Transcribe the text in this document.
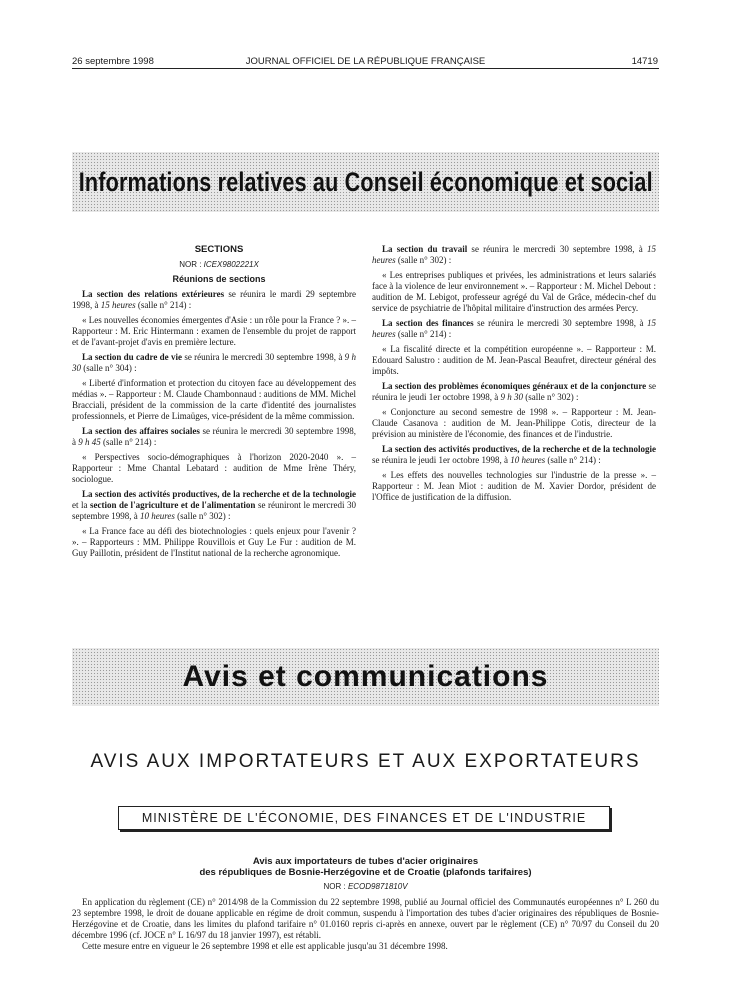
26 septembre 1998	JOURNAL OFFICIEL DE LA RÉPUBLIQUE FRANÇAISE	14719
Informations relatives au Conseil économique et social

SECTIONS

NOR : ICEX9802221X

Réunions de sections

La section des relations extérieures se réunira le mardi 29 septembre 1998, à 15 heures (salle n° 214) :

« Les nouvelles économies émergentes d'Asie : un rôle pour la France ? ». – Rapporteur : M. Eric Hintermann : examen de l'ensemble du projet de rapport et de l'avant-projet d'avis en première lecture.

La section du cadre de vie se réunira le mercredi 30 septembre 1998, à 9 h 30 (salle n° 304) :

« Liberté d'information et protection du citoyen face au développement des médias ». – Rapporteur : M. Claude Chambonnaud : auditions de MM. Michel Bracciali, président de la commission de la carte d'identité des journalistes professionnels, et Pierre de Limaüges, vice-président de la même commission.

La section des affaires sociales se réunira le mercredi 30 septembre 1998, à 9 h 45 (salle n° 214) :

« Perspectives socio-démographiques à l'horizon 2020-2040 ». – Rapporteur : Mme Chantal Lebatard : audition de Mme Irène Théry, sociologue.

La section des activités productives, de la recherche et de la technologie et la section de l'agriculture et de l'alimentation se réuniront le mercredi 30 septembre 1998, à 10 heures (salle n° 302) :

« La France face au défi des biotechnologies : quels enjeux pour l'avenir ? ». – Rapporteurs : MM. Philippe Rouvillois et Guy Le Fur : audition de M. Guy Paillotin, président de l'Institut national de la recherche agronomique.

La section du travail se réunira le mercredi 30 septembre 1998, à 15 heures (salle n° 302) :

« Les entreprises publiques et privées, les administrations et leurs salariés face à la violence de leur environnement ». – Rapporteur : M. Michel Debout : audition de M. Lebigot, professeur agrégé du Val de Grâce, médecin-chef du service de psychiatrie de l'hôpital militaire d'instruction des armées Percy.

La section des finances se réunira le mercredi 30 septembre 1998, à 15 heures (salle n° 214) :

« La fiscalité directe et la compétition européenne ». – Rapporteur : M. Edouard Salustro : audition de M. Jean-Pascal Beaufret, directeur général des impôts.

La section des problèmes économiques généraux et de la conjoncture se réunira le jeudi 1er octobre 1998, à 9 h 30 (salle n° 302) :

« Conjoncture au second semestre de 1998 ». – Rapporteur : M. Jean-Claude Casanova : audition de M. Jean-Philippe Cotis, directeur de la prévision au ministère de l'économie, des finances et de l'industrie.

La section des activités productives, de la recherche et de la technologie se réunira le jeudi 1er octobre 1998, à 10 heures (salle n° 214) :

« Les effets des nouvelles technologies sur l'industrie de la presse ». – Rapporteur : M. Jean Miot : audition de M. Xavier Dordor, président de l'Office de justification de la diffusion.

Avis et communications
AVIS AUX IMPORTATEURS ET AUX EXPORTATEURS
MINISTÈRE DE L'ÉCONOMIE, DES FINANCES ET DE L'INDUSTRIE
Avis aux importateurs de tubes d'acier originaires
des républiques de Bosnie-Herzégovine et de Croatie (plafonds tarifaires)
NOR : ECOD9871810V

En application du règlement (CE) n° 2014/98 de la Commission du 22 septembre 1998, publié au Journal officiel des Communautés européennes n° L 260 du 23 septembre 1998, le droit de douane applicable en régime de droit commun, suspendu à l'importation des tubes d'acier originaires des républiques de Bosnie-Herzégovine et de Croatie, dans les limites du plafond tarifaire n° 01.0160 repris ci-après en annexe, ouvert par le règlement (CE) n° 70/97 du Conseil du 20 décembre 1996 (cf. JOCE n° L 16/97 du 18 janvier 1997), est rétabli.

Cette mesure entre en vigueur le 26 septembre 1998 et elle est applicable jusqu'au 31 décembre 1998.
